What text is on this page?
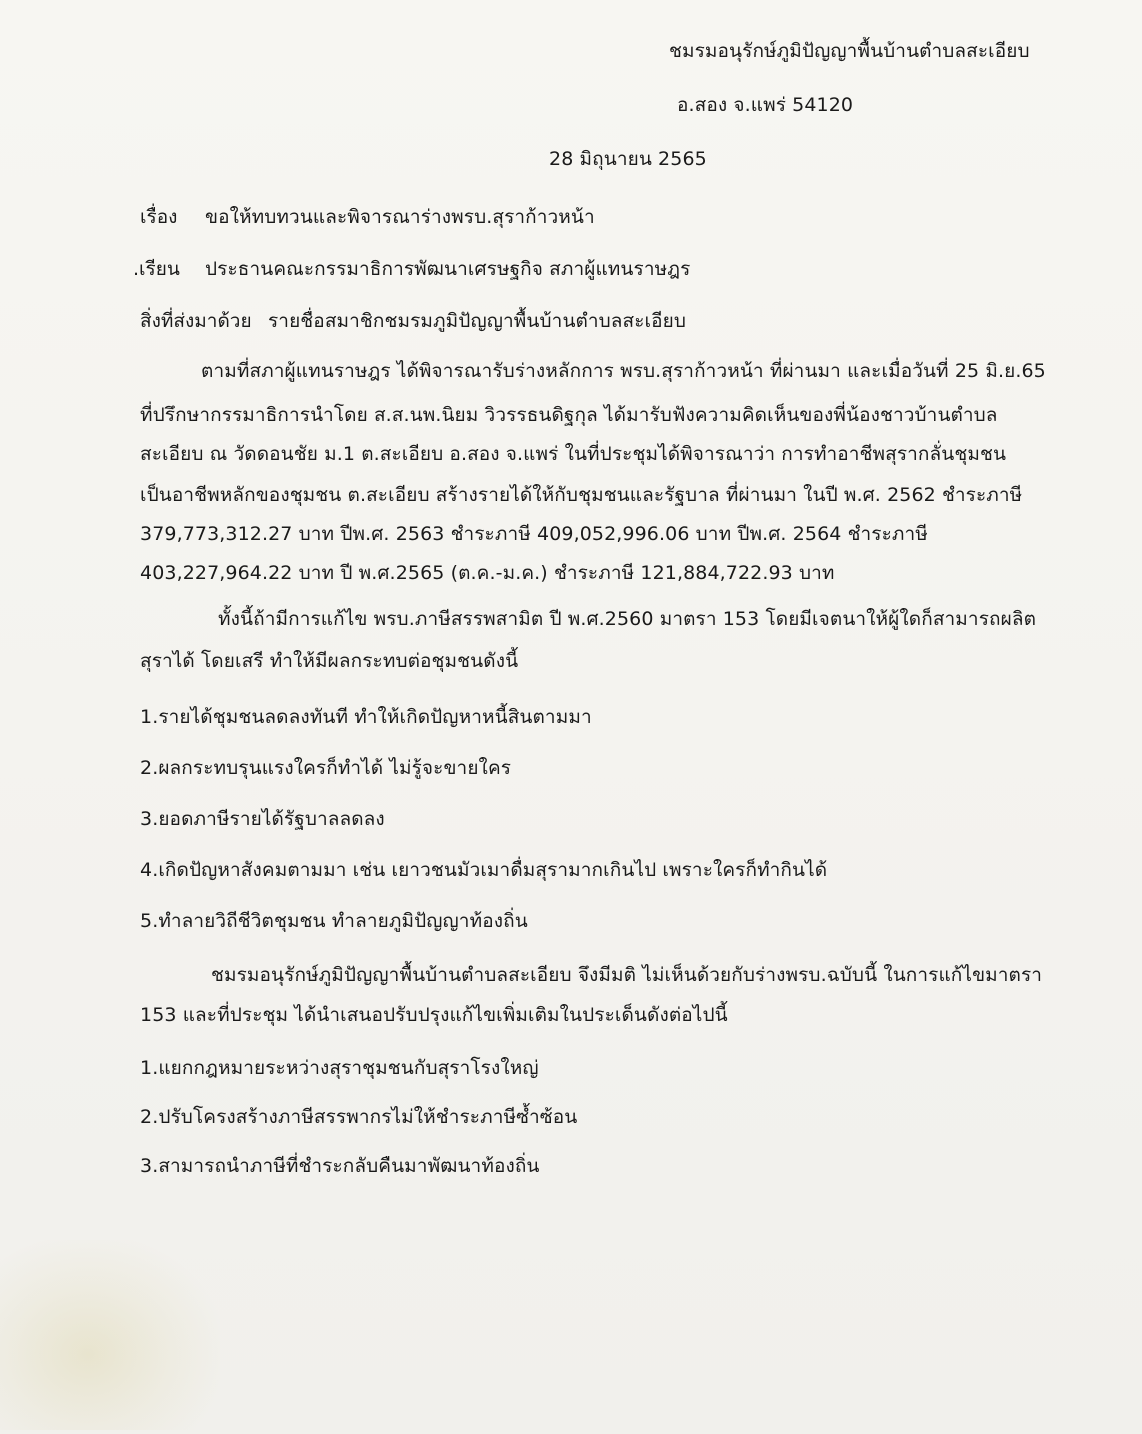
ชมรมอนุรักษ์ภูมิปัญญาพื้นบ้านตำบลสะเอียบ
อ.สอง จ.แพร่ 54120
28 มิถุนายน 2565
เรื่อง ขอให้ทบทวนและพิจารณาร่างพรบ.สุราก้าวหน้า
.เรียน ประธานคณะกรรมาธิการพัฒนาเศรษฐกิจ สภาผู้แทนราษฎร
สิ่งที่ส่งมาด้วย รายชื่อสมาชิกชมรมภูมิปัญญาพื้นบ้านตำบลสะเอียบ
ตามที่สภาผู้แทนราษฎร ได้พิจารณารับร่างหลักการ พรบ.สุราก้าวหน้า ที่ผ่านมา และเมื่อวันที่ 25 มิ.ย.65
ที่ปรึกษากรรมาธิการนำโดย ส.ส.นพ.นิยม วิวรรธนดิฐกุล ได้มารับฟังความคิดเห็นของพี่น้องชาวบ้านตำบล
สะเอียบ ณ วัดดอนชัย ม.1 ต.สะเอียบ อ.สอง จ.แพร่ ในที่ประชุมได้พิจารณาว่า การทำอาชีพสุรากลั่นชุมชน
เป็นอาชีพหลักของชุมชน ต.สะเอียบ สร้างรายได้ให้กับชุมชนและรัฐบาล ที่ผ่านมา ในปี พ.ศ. 2562 ชำระภาษี
379,773,312.27 บาท ปีพ.ศ. 2563 ชำระภาษี 409,052,996.06 บาท ปีพ.ศ. 2564 ชำระภาษี
403,227,964.22 บาท ปี พ.ศ.2565 (ต.ค.-ม.ค.) ชำระภาษี 121,884,722.93 บาท
ทั้งนี้ถ้ามีการแก้ไข พรบ.ภาษีสรรพสามิต ปี พ.ศ.2560 มาตรา 153 โดยมีเจตนาให้ผู้ใดก็สามารถผลิต
สุราได้ โดยเสรี ทำให้มีผลกระทบต่อชุมชนดังนี้
1.รายได้ชุมชนลดลงทันที ทำให้เกิดปัญหาหนี้สินตามมา
2.ผลกระทบรุนแรงใครก็ทำได้ ไม่รู้จะขายใคร
3.ยอดภาษีรายได้รัฐบาลลดลง
4.เกิดปัญหาสังคมตามมา เช่น เยาวชนมัวเมาดื่มสุรามากเกินไป เพราะใครก็ทำกินได้
5.ทำลายวิถีชีวิตชุมชน ทำลายภูมิปัญญาท้องถิ่น
ชมรมอนุรักษ์ภูมิปัญญาพื้นบ้านตำบลสะเอียบ จึงมีมติ ไม่เห็นด้วยกับร่างพรบ.ฉบับนี้ ในการแก้ไขมาตรา
153 และที่ประชุม ได้นำเสนอปรับปรุงแก้ไขเพิ่มเติมในประเด็นดังต่อไปนี้
1.แยกกฎหมายระหว่างสุราชุมชนกับสุราโรงใหญ่
2.ปรับโครงสร้างภาษีสรรพากรไม่ให้ชำระภาษีซ้ำซ้อน
3.สามารถนำภาษีที่ชำระกลับคืนมาพัฒนาท้องถิ่น
